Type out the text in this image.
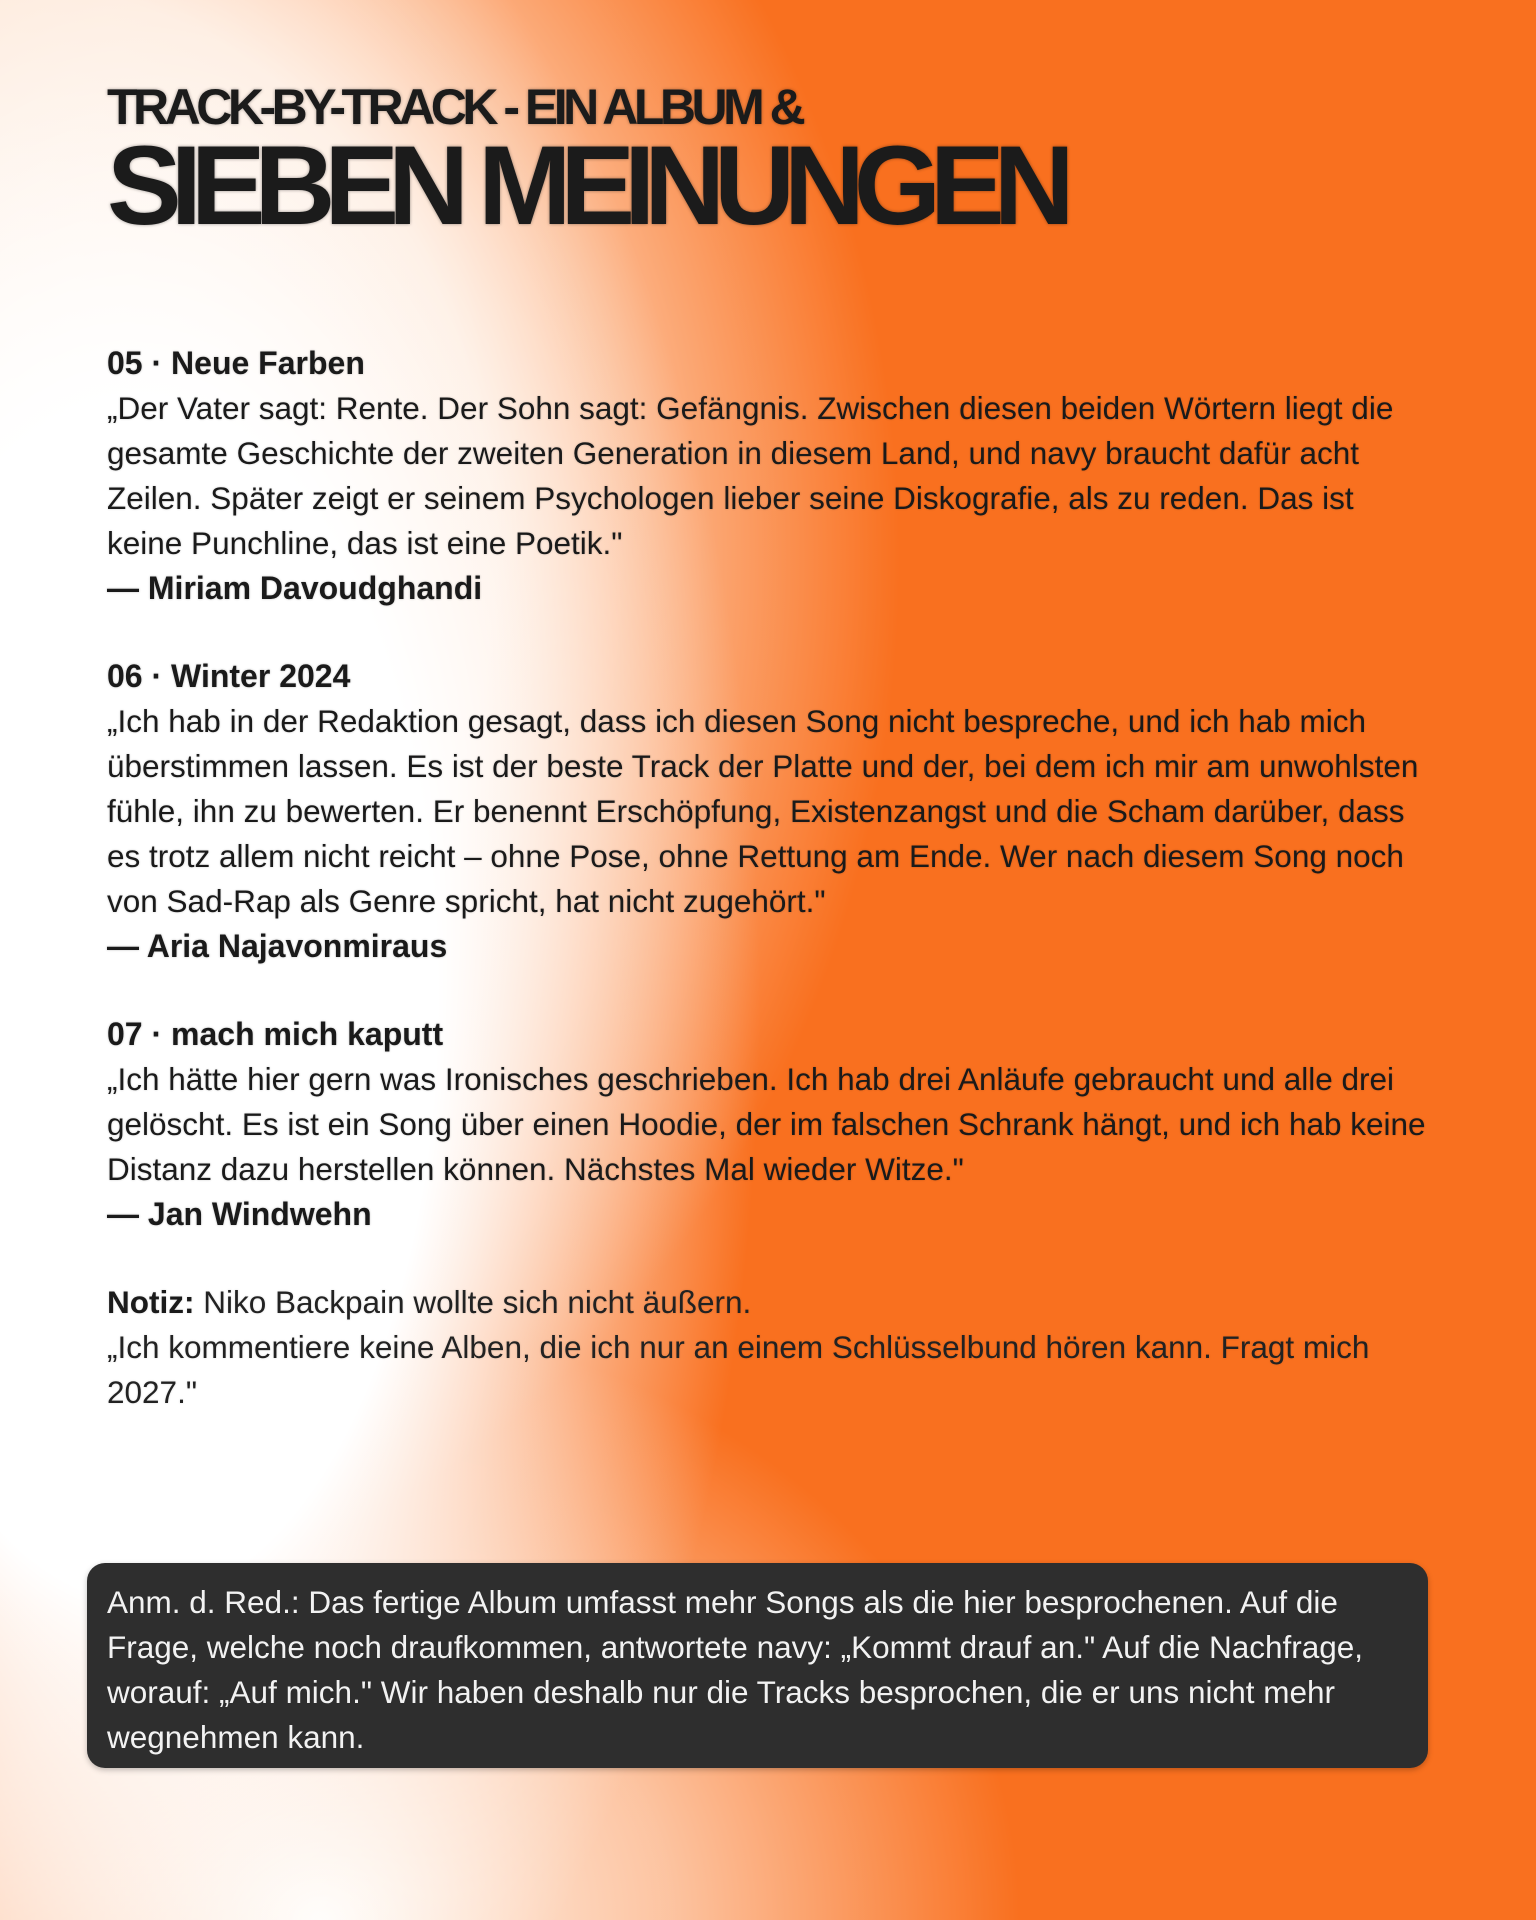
TRACK-BY-TRACK - EIN ALBUM &
SIEBEN MEINUNGEN

05 · Neue Farben

„Der Vater sagt: Rente. Der Sohn sagt: Gefängnis. Zwischen diesen beiden Wörtern liegt die gesamte Geschichte der zweiten Generation in diesem Land, und navy braucht dafür acht Zeilen. Später zeigt er seinem Psychologen lieber seine Diskografie, als zu reden. Das ist keine Punchline, das ist eine Poetik."

— Miriam Davoudghandi

06 · Winter 2024

„Ich hab in der Redaktion gesagt, dass ich diesen Song nicht bespreche, und ich hab mich überstimmen lassen. Es ist der beste Track der Platte und der, bei dem ich mir am unwohlsten fühle, ihn zu bewerten. Er benennt Erschöpfung, Existenzangst und die Scham darüber, dass es trotz allem nicht reicht – ohne Pose, ohne Rettung am Ende. Wer nach diesem Song noch von Sad-Rap als Genre spricht, hat nicht zugehört."

— Aria Najavonmiraus

07 · mach mich kaputt

„Ich hätte hier gern was Ironisches geschrieben. Ich hab drei Anläufe gebraucht und alle drei gelöscht. Es ist ein Song über einen Hoodie, der im falschen Schrank hängt, und ich hab keine Distanz dazu herstellen können. Nächstes Mal wieder Witze."

— Jan Windwehn

Notiz: Niko Backpain wollte sich nicht äußern.

„Ich kommentiere keine Alben, die ich nur an einem Schlüsselbund hören kann. Fragt mich 2027."

Anm. d. Red.: Das fertige Album umfasst mehr Songs als die hier besprochenen. Auf die Frage, welche noch draufkommen, antwortete navy: „Kommt drauf an." Auf die Nachfrage, worauf: „Auf mich." Wir haben deshalb nur die Tracks besprochen, die er uns nicht mehr wegnehmen kann.
